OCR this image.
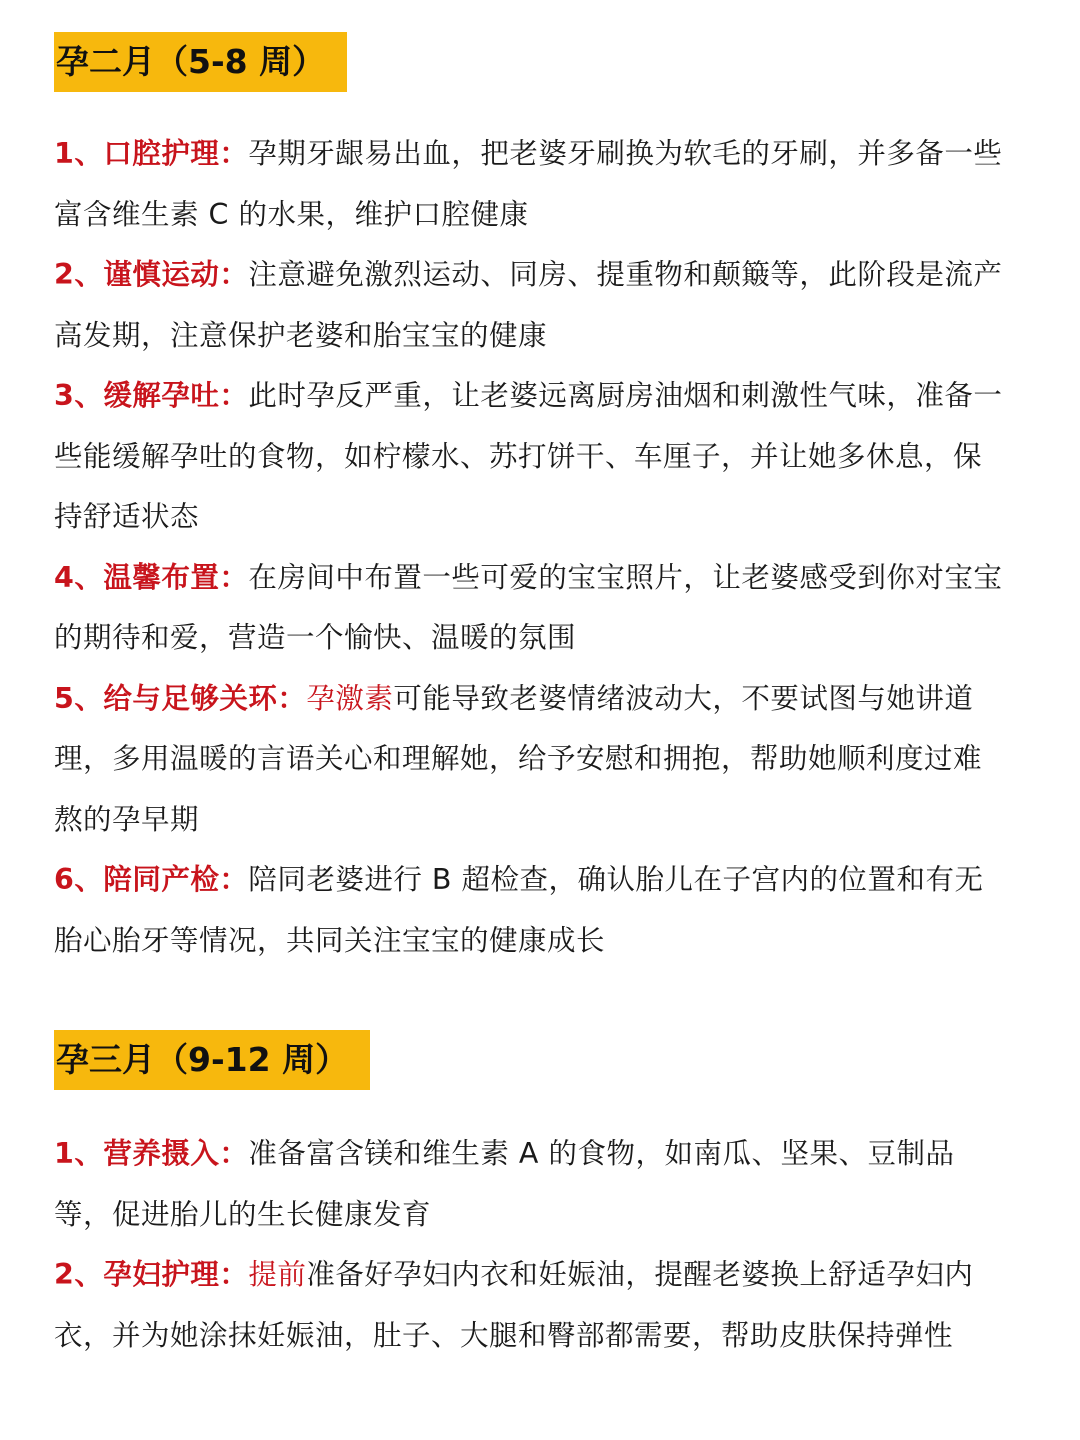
孕二月（5-8 周）

1、口腔护理：孕期牙龈易出血，把老婆牙刷换为软毛的牙刷，并多备一些富含维生素 C 的水果，维护口腔健康

2、谨慎运动：注意避免激烈运动、同房、提重物和颠簸等，此阶段是流产高发期，注意保护老婆和胎宝宝的健康

3、缓解孕吐：此时孕反严重，让老婆远离厨房油烟和刺激性气味，准备一些能缓解孕吐的食物，如柠檬水、苏打饼干、车厘子，并让她多休息，保持舒适状态

4、温馨布置：在房间中布置一些可爱的宝宝照片，让老婆感受到你对宝宝的期待和爱，营造一个愉快、温暖的氛围

5、给与足够关环：孕激素可能导致老婆情绪波动大，不要试图与她讲道理，多用温暖的言语关心和理解她，给予安慰和拥抱，帮助她顺利度过难熬的孕早期

6、陪同产检：陪同老婆进行 B 超检查，确认胎儿在子宫内的位置和有无胎心胎牙等情况，共同关注宝宝的健康成长

孕三月（9-12 周）

1、营养摄入：准备富含镁和维生素 A 的食物，如南瓜、坚果、豆制品等，促进胎儿的生长健康发育

2、孕妇护理：提前准备好孕妇内衣和妊娠油，提醒老婆换上舒适孕妇内衣，并为她涂抹妊娠油，肚子、大腿和臀部都需要，帮助皮肤保持弹性
